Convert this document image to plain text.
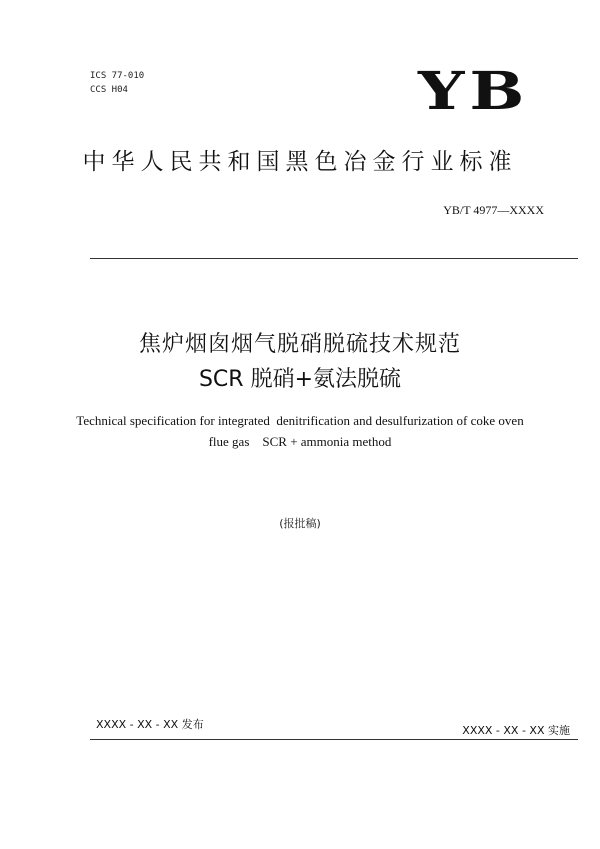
ICS 77-010
CCS H04	YB
中华人民共和国黑色冶金行业标准
YB/T 4977—XXXX
焦炉烟囱烟气脱硝脱硫技术规范
SCR 脱硝+氨法脱硫
Technical specification for integrated  denitrification and desulfurization of coke oven
flue gas    SCR + ammonia method
(报批稿)
XXXX - XX - XX 发布	XXXX - XX - XX 实施
